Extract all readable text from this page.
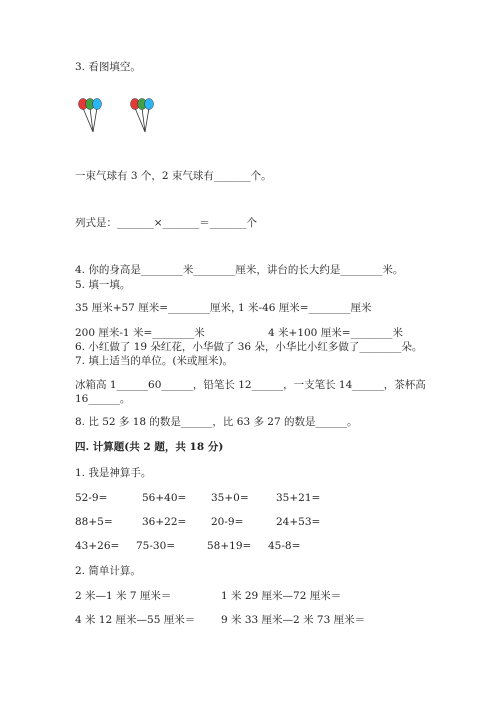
3. 看图填空。
一束气球有 3 个，2 束气球有_______个。
列式是：_______×_______＝_______个
4. 你的身高是________米________厘米，讲台的长大约是________米。
5. 填一填。
35 厘米+57 厘米=________厘米，
1 米-46 厘米=________厘米
200 厘米-1 米=________米	4 米+100 厘米=________米
6. 小红做了 19 朵红花，小华做了 36 朵，小华比小红多做了________朵。
7. 填上适当的单位。(米或厘米)。
冰箱高 1______60______，铅笔长 12______，一支笔长 14______，茶杯高
16______。
8. 比 52 多 18 的数是______，比 63 多 27 的数是______。
四. 计算题(共 2 题，共 18 分)
1. 我是神算手。
52-9=	56+40= 35+0=	35+21=
88+5=	36+22= 20-9=	24+53=
43+26= 75-30=	58+19= 45-8=
2. 简单计算。
2 米—1 米 7 厘米＝	1 米 29 厘米—72 厘米＝
4 米 12 厘米—55 厘米＝ 9 米 33 厘米—2 米 73 厘米＝
